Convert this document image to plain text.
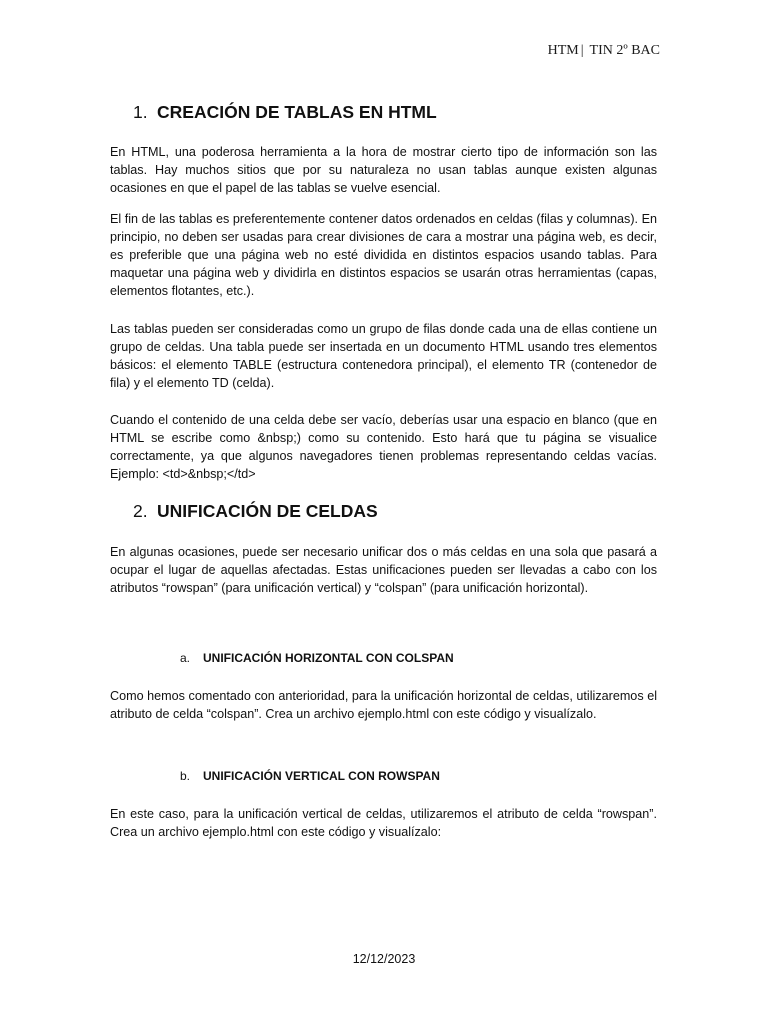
HTM | TIN 2º BAC
1. CREACIÓN DE TABLAS EN HTML

En HTML, una poderosa herramienta a la hora de mostrar cierto tipo de información son las tablas. Hay muchos sitios que por su naturaleza no usan tablas aunque existen algunas ocasiones en que el papel de las tablas se vuelve esencial.

El fin de las tablas es preferentemente contener datos ordenados en celdas (filas y columnas). En principio, no deben ser usadas para crear divisiones de cara a mostrar una página web, es decir, es preferible que una página web no esté dividida en distintos espacios usando tablas. Para maquetar una página web y dividirla en distintos espacios se usarán otras herramientas (capas, elementos flotantes, etc.).

Las tablas pueden ser consideradas como un grupo de filas donde cada una de ellas contiene un grupo de celdas. Una tabla puede ser insertada en un documento HTML usando tres elementos básicos: el elemento TABLE (estructura contenedora principal), el elemento TR (contenedor de fila) y el elemento TD (celda).

Cuando el contenido de una celda debe ser vacío, deberías usar una espacio en blanco (que en HTML se escribe como &nbsp;) como su contenido. Esto hará que tu página se visualice correctamente, ya que algunos navegadores tienen problemas representando celdas vacías. Ejemplo: <td>&nbsp;</td>

2. UNIFICACIÓN DE CELDAS

En algunas ocasiones, puede ser necesario unificar dos o más celdas en una sola que pasará a ocupar el lugar de aquellas afectadas. Estas unificaciones pueden ser llevadas a cabo con los atributos “rowspan” (para unificación vertical) y “colspan” (para unificación horizontal).

a. UNIFICACIÓN HORIZONTAL CON COLSPAN

Como hemos comentado con anterioridad, para la unificación horizontal de celdas, utilizaremos el atributo de celda “colspan”. Crea un archivo ejemplo.html con este código y visualízalo.

b. UNIFICACIÓN VERTICAL CON ROWSPAN

En este caso, para la unificación vertical de celdas, utilizaremos el atributo de celda “rowspan”. Crea un archivo ejemplo.html con este código y visualízalo:

12/12/2023
